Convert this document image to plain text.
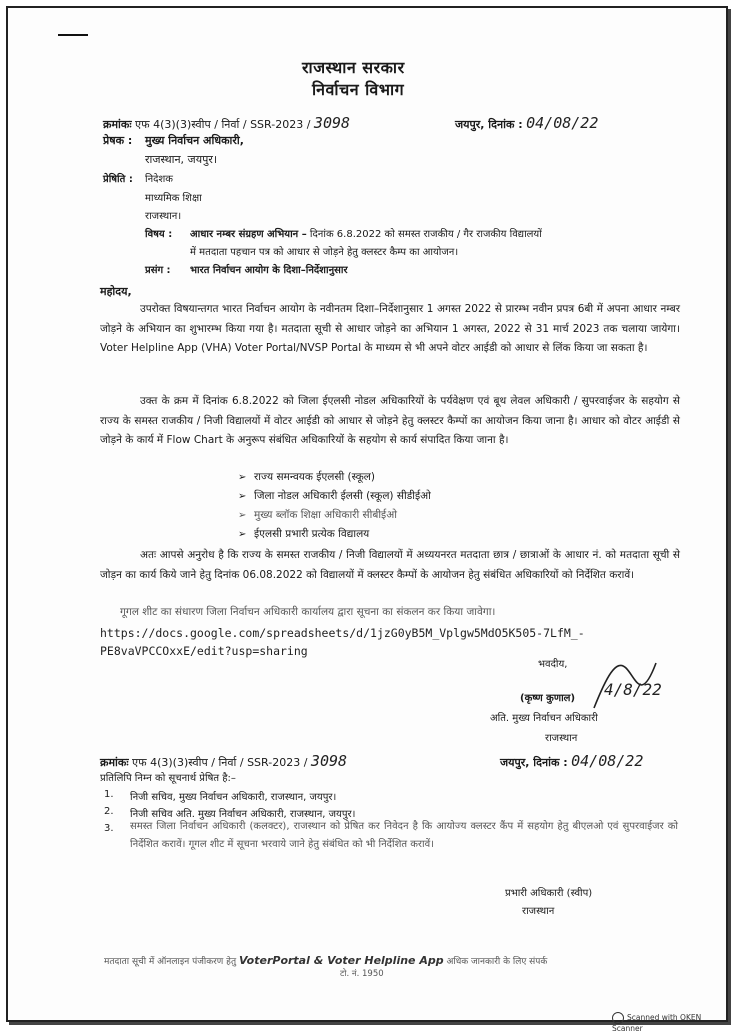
राजस्थान सरकार
निर्वाचन विभाग
क्रमांकः एफ 4(3)(3)स्वीप / निर्वा / SSR-2023 / 3098	जयपुर, दिनांक : 04/08/22
प्रेषक : मुख्य निर्वाचन अधिकारी,
राजस्थान, जयपुर।
प्रेषिति : निदेशक
माध्यमिक शिक्षा
राजस्थान।
विषय : आधार नम्बर संग्रहण अभियान – दिनांक 6.8.2022 को समस्त राजकीय / गैर राजकीय विद्यालयों
में मतदाता पहचान पत्र को आधार से जोड़ने हेतु क्लस्टर कैम्प का आयोजन।
प्रसंग : भारत निर्वाचन आयोग के दिशा–निर्देशानुसार
महोदय,
उपरोक्त विषयान्तगत भारत निर्वाचन आयोग के नवीनतम दिशा–निर्देशानुसार 1 अगस्त 2022 से प्रारम्भ नवीन प्रपत्र 6बी में अपना आधार नम्बर जोड़ने के अभियान का शुभारम्भ किया गया है। मतदाता सूची से आधार जोड़ने का अभियान 1 अगस्त, 2022 से 31 मार्च 2023 तक चलाया जायेगा। Voter Helpline App (VHA) Voter Portal/NVSP Portal के माध्यम से भी अपने वोटर आईडी को आधार से लिंक किया जा सकता है।
उक्त के क्रम में दिनांक 6.8.2022 को जिला ईएलसी नोडल अधिकारियों के पर्यवेक्षण एवं बूथ लेवल अधिकारी / सुपरवाईजर के सहयोग से राज्य के समस्त राजकीय / निजी विद्यालयों में वोटर आईडी को आधार से जोड़ने हेतु क्लस्टर कैम्पों का आयोजन किया जाना है। आधार को वोटर आईडी से जोड़ने के कार्य में Flow Chart के अनुरूप संबंधित अधिकारियों के सहयोग से कार्य संपादित किया जाना है।
➢ राज्य समन्वयक ईएलसी (स्कूल)
➢ जिला नोडल अधिकारी ईलसी (स्कूल) सीडीईओ
➢ मुख्य ब्लॉक शिक्षा अधिकारी सीबीईओ
➢ ईएलसी प्रभारी प्रत्येक विद्यालय
अतः आपसे अनुरोध है कि राज्य के समस्त राजकीय / निजी विद्यालयों में अध्ययनरत मतदाता छात्र / छात्राओं के आधार नं. को मतदाता सूची से जोड़न का कार्य किये जाने हेतु दिनांक 06.08.2022 को विद्यालयों में क्लस्टर कैम्पों के आयोजन हेतु संबंधित अधिकारियों को निर्देशित करावें।
गूगल शीट का संधारण जिला निर्वाचन अधिकारी कार्यालय द्वारा सूचना का संकलन कर किया जावेगा।
https://docs.google.com/spreadsheets/d/1jzG0yB5M_Vplgw5MdO5K505-7LfM_-
PE8vaVPCCOxxE/edit?usp=sharing
भवदीय,
(कृष्ण कुणाल) 4/8/22
अति. मुख्य निर्वाचन अधिकारी
राजस्थान
क्रमांकः एफ 4(3)(3)स्वीप / निर्वा / SSR-2023 / 3098	जयपुर, दिनांक : 04/08/22
प्रतिलिपि निम्न को सूचनार्थ प्रेषित है:–
1. निजी सचिव, मुख्य निर्वाचन अधिकारी, राजस्थान, जयपुर।
2. निजी सचिव अति. मुख्य निर्वाचन अधिकारी, राजस्थान, जयपुर।
3. समस्त जिला निर्वाचन अधिकारी (कलक्टर), राजस्थान को प्रेषित कर निवेदन है कि आयोज्य क्लस्टर कैंप में सहयोग हेतु बीएलओ एवं सुपरवाईजर को निर्देशित करावें। गूगल शीट में सूचना भरवाये जाने हेतु संबंधित को भी निर्देशित करावें।
प्रभारी अधिकारी (स्वीप)
राजस्थान
मतदाता सूची में ऑनलाइन पंजीकरण हेतु VoterPortal & Voter Helpline App अधिक जानकारी के लिए संपर्क
टो. नं. 1950
Scanned with OKEN Scanner
